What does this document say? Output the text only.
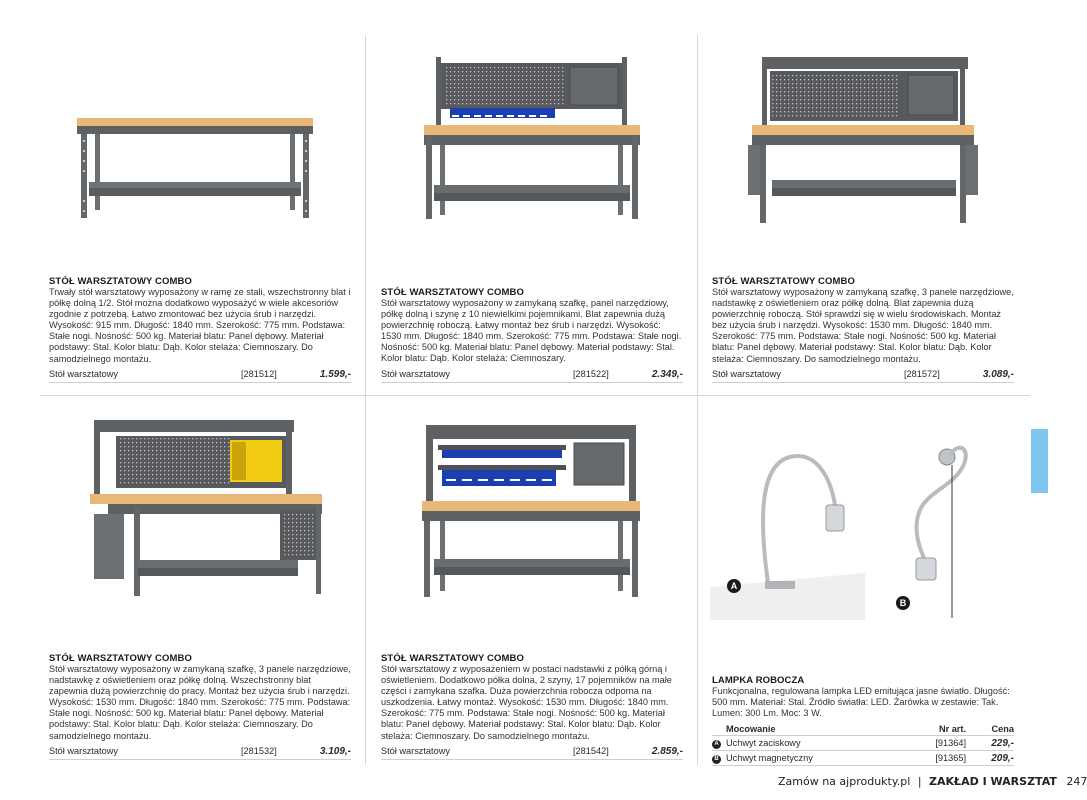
A
B
STÓŁ WARSZTATOWY COMBO

Trwały stół warsztatowy wyposażony w ramę ze stali, wszechstronny blat i półkę dolną 1/2. Stół można dodatkowo wyposażyć w wiele akcesoriów zgodnie z potrzebą. Łatwo zmontować bez użycia śrub i narzędzi. Wysokość: 915 mm. Długość: 1840 mm. Szerokość: 775 mm. Podstawa: Stałe nogi. Nośność: 500 kg. Materiał blatu: Panel dębowy. Materiał podstawy: Stal. Kolor blatu: Dąb. Kolor stelaża: Ciemnoszary. Do samodzielnego montażu.

Stół warsztatowy	[281512]	1.599,-
STÓŁ WARSZTATOWY COMBO

Stół warsztatowy wyposażony w zamykaną szafkę, panel narzędziowy, półkę dolną i szynę z 10 niewielkimi pojemnikami. Blat zapewnia dużą powierzchnię roboczą. Łatwy montaż bez śrub i narzędzi. Wysokość: 1530 mm. Długość: 1840 mm. Szerokość: 775 mm. Podstawa: Stałe nogi. Nośność: 500 kg. Materiał blatu: Panel dębowy. Materiał podstawy: Stal. Kolor blatu: Dąb. Kolor stelaża: Ciemnoszary.

Stół warsztatowy	[281522]	2.349,-
STÓŁ WARSZTATOWY COMBO

Stół warsztatowy wyposażony w zamykaną szafkę, 3 panele narzędziowe, nadstawkę z oświetleniem oraz półkę dolną. Blat zapewnia dużą powierzchnię roboczą. Stół sprawdzi się w wielu środowiskach. Montaż bez użycia śrub i narzędzi. Wysokość: 1530 mm. Długość: 1840 mm. Szerokość: 775 mm. Podstawa: Stałe nogi. Nośność: 500 kg. Materiał blatu: Panel dębowy. Materiał podstawy: Stal. Kolor blatu: Dąb. Kolor stelaża: Ciemnoszary. Do samodzielnego montażu.

Stół warsztatowy	[281572]	3.089,-
STÓŁ WARSZTATOWY COMBO

Stół warsztatowy wyposażony w zamykaną szafkę, 3 panele narzędziowe, nadstawkę z oświetleniem oraz półkę dolną. Wszechstronny blat zapewnia dużą powierzchnię do pracy. Montaż bez użycia śrub i narzędzi. Wysokość: 1530 mm. Długość: 1840 mm. Szerokość: 775 mm. Podstawa: Stałe nogi. Nośność: 500 kg. Materiał blatu: Panel dębowy. Materiał podstawy: Stal. Kolor blatu: Dąb. Kolor stelaża: Ciemnoszary. Do samodzielnego montażu.

Stół warsztatowy	[281532]	3.109,-
STÓŁ WARSZTATOWY COMBO

Stół warsztatowy z wyposażeniem w postaci nadstawki z półką górną i oświetleniem. Dodatkowo półka dolna, 2 szyny, 17 pojemników na małe części i zamykana szafka. Duża powierzchnia robocza odporna na uszkodzenia. Łatwy montaż. Wysokość: 1530 mm. Długość: 1840 mm. Szerokość: 775 mm. Podstawa: Stałe nogi. Nośność: 500 kg. Materiał blatu: Panel dębowy. Materiał podstawy: Stal. Kolor blatu: Dąb. Kolor stelaża: Ciemnoszary. Do samodzielnego montażu.

Stół warsztatowy	[281542]	2.859,-
LAMPKA ROBOCZA

Funkcjonalna, regulowana lampka LED emitująca jasne światło. Długość: 500 mm. Materiał: Stal. Źródło światła: LED. Żarówka w zestawie: Tak. Lumen: 300 Lm. Moc: 3 W.

	Mocowanie	Nr art.	Cena
A	Uchwyt zaciskowy	[91364]	229,-
B	Uchwyt magnetyczny	[91365]	209,-
Zamów na ajprodukty.pl | ZAKŁAD I WARSZTAT 247
